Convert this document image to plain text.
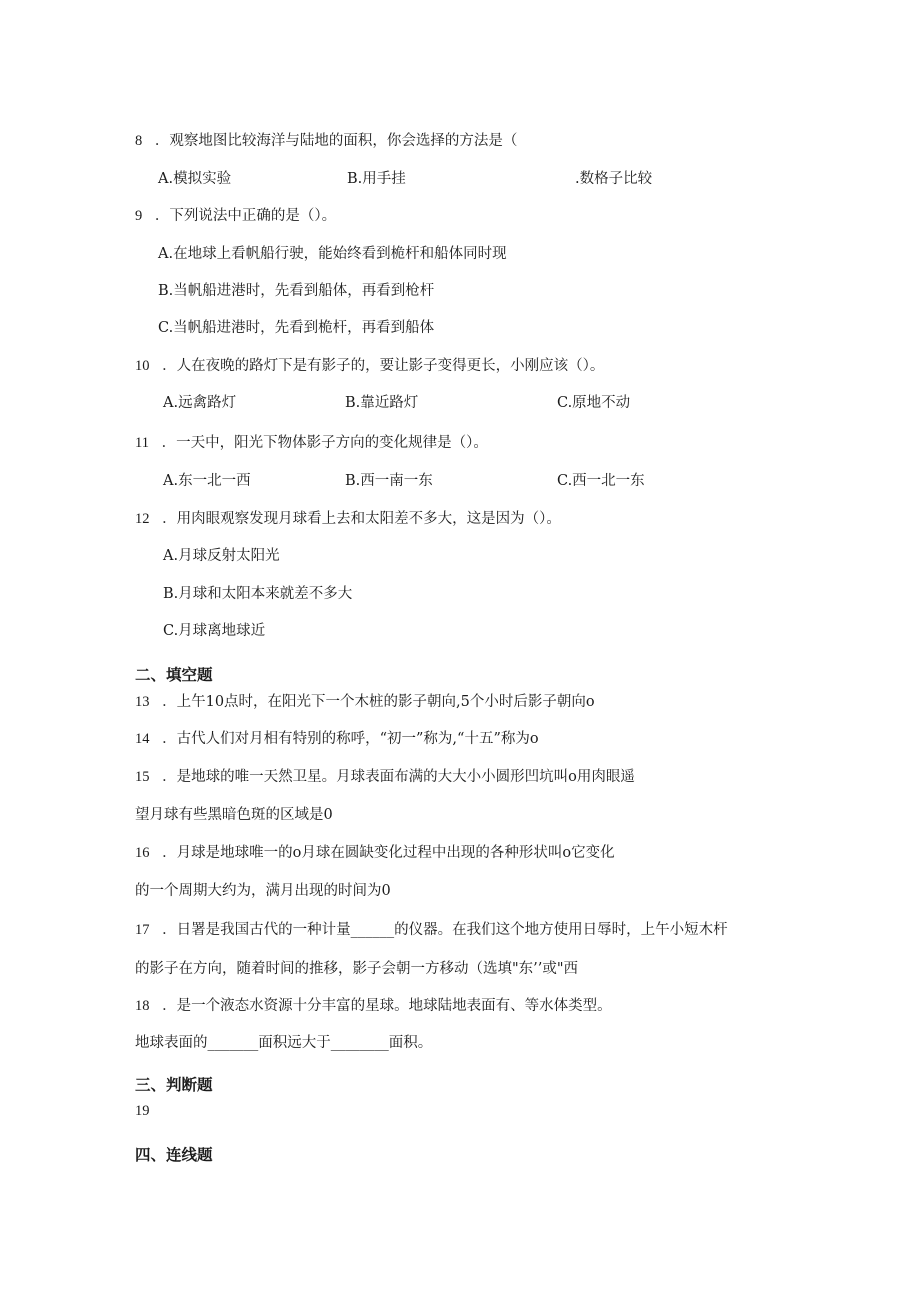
8 ．观察地图比较海洋与陆地的面积，你会选择的方法是（
A.模拟实验	B.用手挂	.数格子比较
9 ．下列说法中正确的是（）。
A.在地球上看帆船行驶，能始终看到桅杆和船体同时现
B.当帆船进港时，先看到船体，再看到枪杆
C.当帆船进港时，先看到桅杆，再看到船体
10 ．人在夜晚的路灯下是有影子的，要让影子变得更长，小刚应该（）。
A.远禽路灯	B.靠近路灯	C.原地不动
11 ．一天中，阳光下物体影子方向的变化规律是（）。
A.东一北一西	B.西一南一东	C.西一北一东
12 ．用肉眼观察发现月球看上去和太阳差不多大，这是因为（）。
A.月球反射太阳光
B.月球和太阳本来就差不多大
C.月球离地球近
二、填空题
13 ．上午10点时，在阳光下一个木桩的影子朝向,5个小时后影子朝向o
14 ．古代人们对月相有特别的称呼，“初一”称为,“十五”称为o
15 ．是地球的唯一天然卫星。月球表面布满的大大小小圆形凹坑叫o用肉眼遥
望月球有些黑暗色斑的区域是0
16 ．月球是地球唯一的o月球在圆缺变化过程中出现的各种形状叫o它变化
的一个周期大约为，满月出现的时间为0
17 ．日署是我国古代的一种计量______的仪器。在我们这个地方使用日辱时，上午小短木杆
的影子在方向，随着时间的推移，影子会朝一方移动（选填"东’’或"西
18 ．是一个液态水资源十分丰富的星球。地球陆地表面有、等水体类型。
地球表面的_______面积远大于________面积。
三、判断题
19
四、连线题
